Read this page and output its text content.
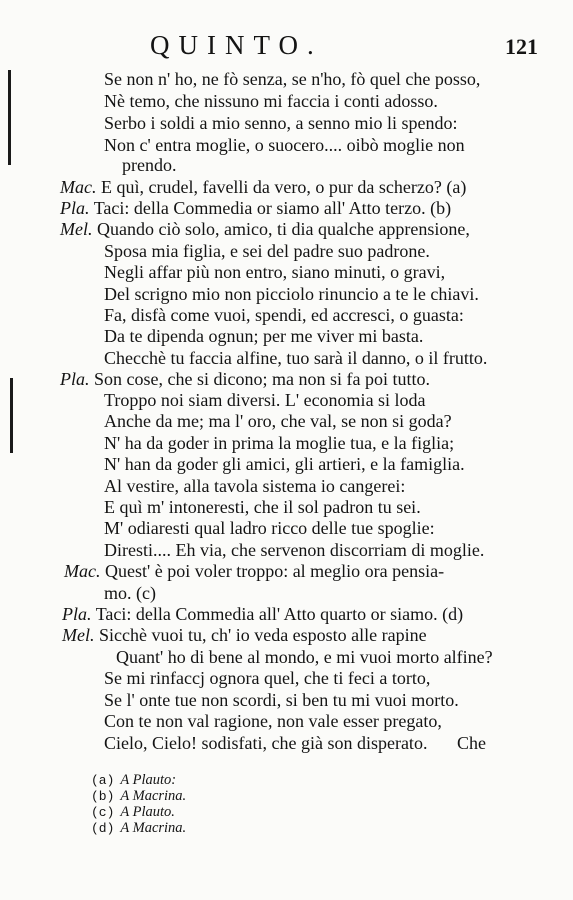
QUINTO.	121
Se non n' ho, ne fò senza, se n'ho, fò quel che posso,
Nè temo, che nissuno mi faccia i conti adosso.
Serbo i soldi a mio senno, a senno mio li spendo:
Non c' entra moglie, o suocero.... oibò moglie non
prendo.
Mac. E quì, crudel, favelli da vero, o pur da scherzo? (a)
Pla. Taci: della Commedia or siamo all' Atto terzo. (b)
Mel. Quando ciò solo, amico, ti dia qualche apprensione,
Sposa mia figlia, e sei del padre suo padrone.
Negli affar più non entro, siano minuti, o gravi,
Del scrigno mio non picciolo rinuncio a te le chiavi.
Fa, disfà come vuoi, spendi, ed accresci, o guasta:
Da te dipenda ognun; per me viver mi basta.
Checchè tu faccia alfine, tuo sarà il danno, o il frutto.
Pla. Son cose, che si dicono; ma non si fa poi tutto.
Troppo noi siam diversi. L' economia si loda
Anche da me; ma l' oro, che val, se non si goda?
N' ha da goder in prima la moglie tua, e la figlia;
N' han da goder gli amici, gli artieri, e la famiglia.
Al vestire, alla tavola sistema io cangerei:
E quì m' intoneresti, che il sol padron tu sei.
M' odiaresti qual ladro ricco delle tue spoglie:
Diresti.... Eh via, che servenon discorriam di moglie.
Mac. Quest' è poi voler troppo: al meglio ora pensia-
mo. (c)
Pla. Taci: della Commedia all' Atto quarto or siamo. (d)
Mel. Sicchè vuoi tu, ch' io veda esposto alle rapine
Quant' ho di bene al mondo, e mi vuoi morto alfine?
Se mi rinfaccj ognora quel, che ti feci a torto,
Se l' onte tue non scordi, si ben tu mi vuoi morto.
Con te non val ragione, non vale esser pregato,
Cielo, Cielo! sodisfati, che già son disperato. Che
(a) A Plauto:
(b) A Macrina.
(c) A Plauto.
(d) A Macrina.
